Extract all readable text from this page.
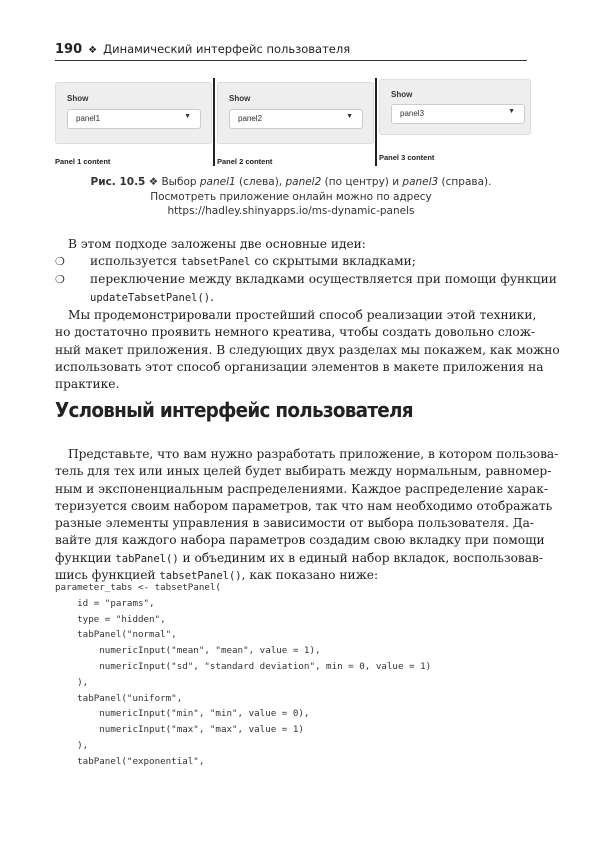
190 ❖ Динамический интерфейс пользователя
Show
panel1	▼
Panel 1 content
Show
panel2	▼
Panel 2 content
Show
panel3	▼
Panel 3 content
Рис. 10.5 ❖ Выбор panel1 (слева), panel2 (по центру) и panel3 (справа).
Посмотреть приложение онлайн можно по адресу
https://hadley.shinyapps.io/ms-dynamic-panels
В этом подходе заложены две основные идеи:
❍ используется tabsetPanel со скрытыми вкладками;
❍ переключение между вкладками осуществляется при помощи функции
updateTabsetPanel().
Мы продемонстрировали простейший способ реализации этой техники,
но достаточно проявить немного креатива, чтобы создать довольно слож-
ный макет приложения. В следующих двух разделах мы покажем, как можно
использовать этот способ организации элементов в макете приложения на
практике.
Условный интерфейс пользователя
Представьте, что вам нужно разработать приложение, в котором пользова-
тель для тех или иных целей будет выбирать между нормальным, равномер-
ным и экспоненциальным распределениями. Каждое распределение харак-
теризуется своим набором параметров, так что нам необходимо отображать
разные элементы управления в зависимости от выбора пользователя. Да-
вайте для каждого набора параметров создадим свою вкладку при помощи
функции tabPanel() и объединим их в единый набор вкладок, воспользовав-
шись функцией tabsetPanel(), как показано ниже:
parameter_tabs <- tabsetPanel(
id = "params",
type = "hidden",
tabPanel("normal",
numericInput("mean", "mean", value = 1),
numericInput("sd", "standard deviation", min = 0, value = 1)
),
tabPanel("uniform",
numericInput("min", "min", value = 0),
numericInput("max", "max", value = 1)
),
tabPanel("exponential",
